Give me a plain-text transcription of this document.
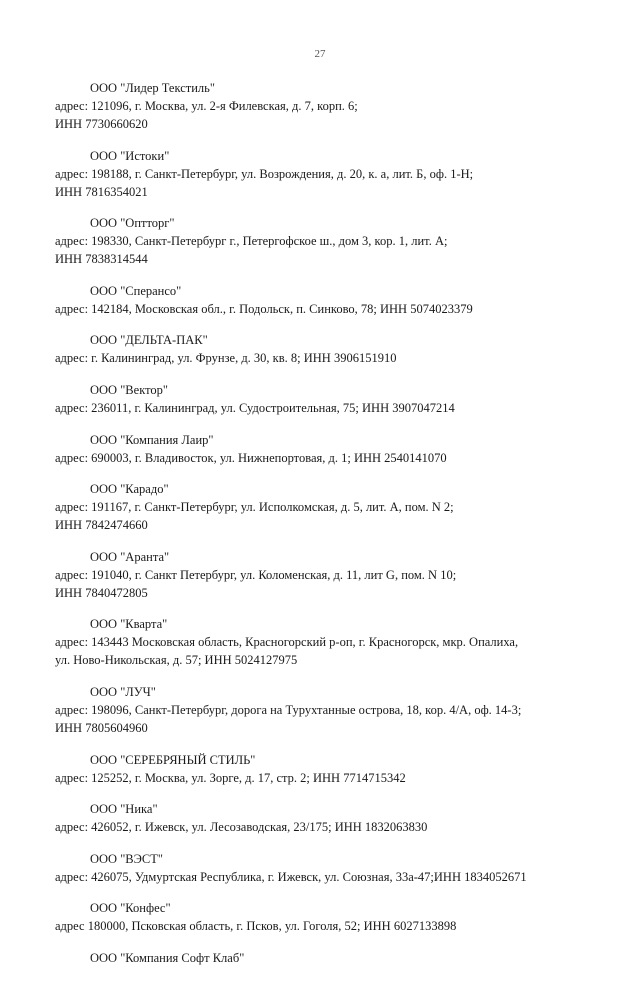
27
ООО "Лидер Текстиль"
адрес: 121096, г. Москва, ул. 2-я Филевская, д. 7, корп. 6;
ИНН 7730660620
ООО "Истоки"
адрес: 198188, г. Санкт-Петербург, ул. Возрождения, д. 20, к. а, лит. Б, оф. 1-Н;
ИНН 7816354021
ООО "Оптторг"
адрес: 198330, Санкт-Петербург г., Петергофское ш., дом 3, кор. 1, лит. А;
ИНН 7838314544
ООО "Сперансо"
адрес: 142184, Московская обл., г. Подольск, п. Синково, 78; ИНН 5074023379
ООО "ДЕЛЬТА-ПАК"
адрес: г. Калининград, ул. Фрунзе, д. 30, кв. 8; ИНН 3906151910
ООО "Вектор"
адрес: 236011, г. Калининград, ул. Судостроительная, 75; ИНН 3907047214
ООО "Компания Лаир"
адрес: 690003, г. Владивосток, ул. Нижнепортовая, д. 1; ИНН 2540141070
ООО "Карадо"
адрес: 191167, г. Санкт-Петербург, ул. Исполкомская, д. 5, лит. А, пом. N 2;
ИНН 7842474660
ООО "Аранта"
адрес: 191040, г. Санкт Петербург, ул. Коломенская, д. 11, лит G, пом. N 10;
ИНН 7840472805
ООО "Кварта"
адрес: 143443 Московская область, Красногорский р-оп, г. Красногорск, мкр. Опалиха,
ул. Ново-Никольская, д. 57; ИНН 5024127975
ООО "ЛУЧ"
адрес: 198096, Санкт-Петербург, дорога на Турухтанные острова, 18, кор. 4/А, оф. 14-3;
ИНН 7805604960
ООО "СЕРЕБРЯНЫЙ СТИЛЬ"
адрес: 125252, г. Москва, ул. Зорге, д. 17, стр. 2; ИНН 7714715342
ООО "Ника"
адрес: 426052, г. Ижевск, ул. Лесозаводская, 23/175; ИНН 1832063830
ООО "ВЭСТ"
адрес: 426075, Удмуртская Республика, г. Ижевск, ул. Союзная, 33а-47;ИНН 1834052671
ООО "Конфес"
адрес 180000, Псковская область, г. Псков, ул. Гоголя, 52; ИНН 6027133898
ООО "Компания Софт Клаб"
